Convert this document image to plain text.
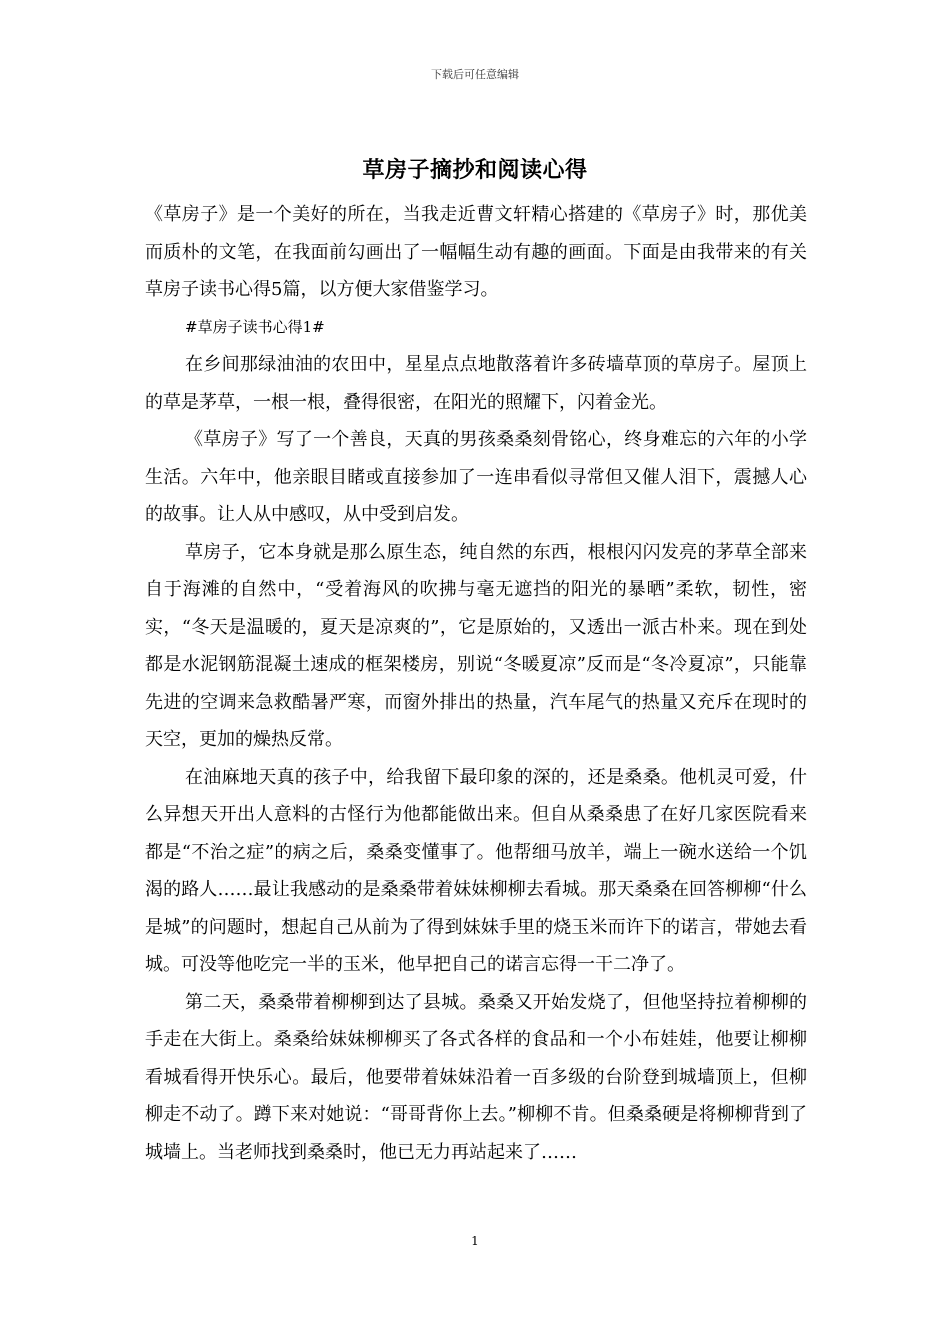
下载后可任意编辑
草房子摘抄和阅读心得

《草房子》是一个美好的所在，当我走近曹文轩精心搭建的《草房子》时，那优美而质朴的文笔，在我面前勾画出了一幅幅生动有趣的画面。下面是由我带来的有关草房子读书心得5篇，以方便大家借鉴学习。

#草房子读书心得1#

在乡间那绿油油的农田中，星星点点地散落着许多砖墙草顶的草房子。屋顶上的草是茅草，一根一根，叠得很密，在阳光的照耀下，闪着金光。

《草房子》写了一个善良，天真的男孩桑桑刻骨铭心，终身难忘的六年的小学生活。六年中，他亲眼目睹或直接参加了一连串看似寻常但又催人泪下，震撼人心的故事。让人从中感叹，从中受到启发。

草房子，它本身就是那么原生态，纯自然的东西，根根闪闪发亮的茅草全部来自于海滩的自然中，“受着海风的吹拂与毫无遮挡的阳光的暴晒”柔软，韧性，密实，“冬天是温暖的，夏天是凉爽的”，它是原始的，又透出一派古朴来。现在到处都是水泥钢筋混凝土速成的框架楼房，别说“冬暖夏凉”反而是“冬冷夏凉”，只能靠先进的空调来急救酷暑严寒，而窗外排出的热量，汽车尾气的热量又充斥在现时的天空，更加的燥热反常。

在油麻地天真的孩子中，给我留下最印象的深的，还是桑桑。他机灵可爱，什么异想天开出人意料的古怪行为他都能做出来。但自从桑桑患了在好几家医院看来都是“不治之症”的病之后，桑桑变懂事了。他帮细马放羊，端上一碗水送给一个饥渴的路人……最让我感动的是桑桑带着妹妹柳柳去看城。那天桑桑在回答柳柳“什么是城”的问题时，想起自己从前为了得到妹妹手里的烧玉米而许下的诺言，带她去看城。可没等他吃完一半的玉米，他早把自己的诺言忘得一干二净了。

第二天，桑桑带着柳柳到达了县城。桑桑又开始发烧了，但他坚持拉着柳柳的手走在大街上。桑桑给妹妹柳柳买了各式各样的食品和一个小布娃娃，他要让柳柳看城看得开快乐心。最后，他要带着妹妹沿着一百多级的台阶登到城墙顶上，但柳柳走不动了。蹲下来对她说：“哥哥背你上去。”柳柳不肯。但桑桑硬是将柳柳背到了城墙上。当老师找到桑桑时，他已无力再站起来了……

1
